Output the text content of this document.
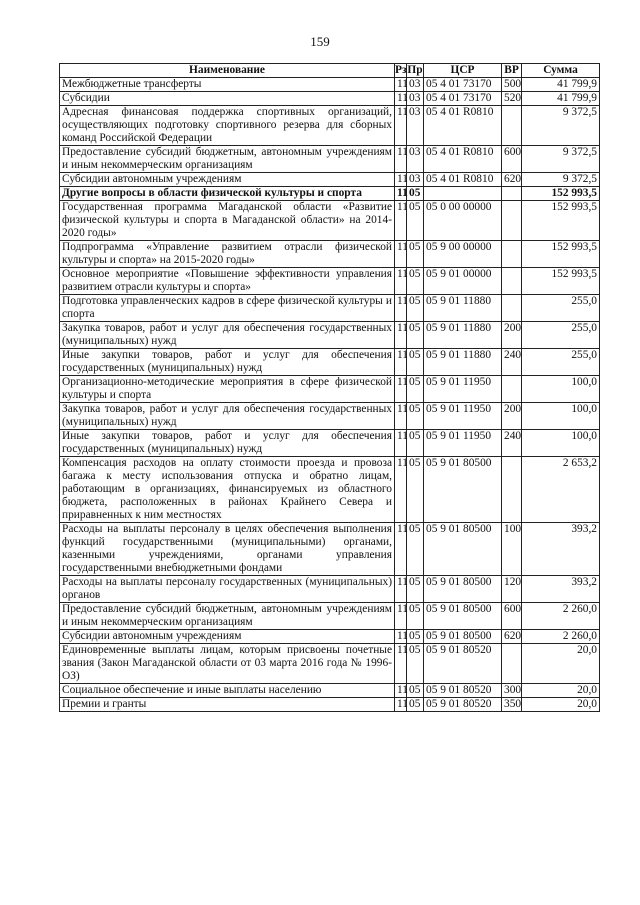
159
Наименование	Рз	Пр	ЦСР	ВР	Сумма
Межбюджетные трансферты	11	03	05 4 01 73170	500	41 799,9
Субсидии	11	03	05 4 01 73170	520	41 799,9
Адресная финансовая поддержка спортивных организаций, осуществляющих подготовку спортивного резерва для сборных команд Российской Федерации	11	03	05 4 01 R0810		9 372,5
Предоставление субсидий бюджетным, автономным учреждениям и иным некоммерческим организациям	11	03	05 4 01 R0810	600	9 372,5
Субсидии автономным учреждениям	11	03	05 4 01 R0810	620	9 372,5
Другие вопросы в области физической культуры и спорта	11	05			152 993,5
Государственная программа Магаданской области «Развитие физической культуры и спорта в Магаданской области» на 2014-2020 годы»	11	05	05 0 00 00000		152 993,5
Подпрограмма «Управление развитием отрасли физической культуры и спорта» на 2015-2020 годы»	11	05	05 9 00 00000		152 993,5
Основное мероприятие «Повышение эффективности управления развитием отрасли культуры и спорта»	11	05	05 9 01 00000		152 993,5
Подготовка управленческих кадров в сфере физической культуры и спорта	11	05	05 9 01 11880		255,0
Закупка товаров, работ и услуг для обеспечения государственных (муниципальных) нужд	11	05	05 9 01 11880	200	255,0
Иные закупки товаров, работ и услуг для обеспечения государственных (муниципальных) нужд	11	05	05 9 01 11880	240	255,0
Организационно-методические мероприятия в сфере физической культуры и спорта	11	05	05 9 01 11950		100,0
Закупка товаров, работ и услуг для обеспечения государственных (муниципальных) нужд	11	05	05 9 01 11950	200	100,0
Иные закупки товаров, работ и услуг для обеспечения государственных (муниципальных) нужд	11	05	05 9 01 11950	240	100,0
Компенсация расходов на оплату стоимости проезда и провоза багажа к месту использования отпуска и обратно лицам, работающим в организациях, финансируемых из областного бюджета, расположенных в районах Крайнего Севера и приравненных к ним местностях	11	05	05 9 01 80500		2 653,2
Расходы на выплаты персоналу в целях обеспечения выполнения функций государственными (муниципальными) органами, казенными учреждениями, органами управления государственными внебюджетными фондами	11	05	05 9 01 80500	100	393,2
Расходы на выплаты персоналу государственных (муниципальных) органов	11	05	05 9 01 80500	120	393,2
Предоставление субсидий бюджетным, автономным учреждениям и иным некоммерческим организациям	11	05	05 9 01 80500	600	2 260,0
Субсидии автономным учреждениям	11	05	05 9 01 80500	620	2 260,0
Единовременные выплаты лицам, которым присвоены почетные звания (Закон Магаданской области от 03 марта 2016 года № 1996-ОЗ)	11	05	05 9 01 80520		20,0
Социальное обеспечение и иные выплаты населению	11	05	05 9 01 80520	300	20,0
Премии и гранты	11	05	05 9 01 80520	350	20,0
